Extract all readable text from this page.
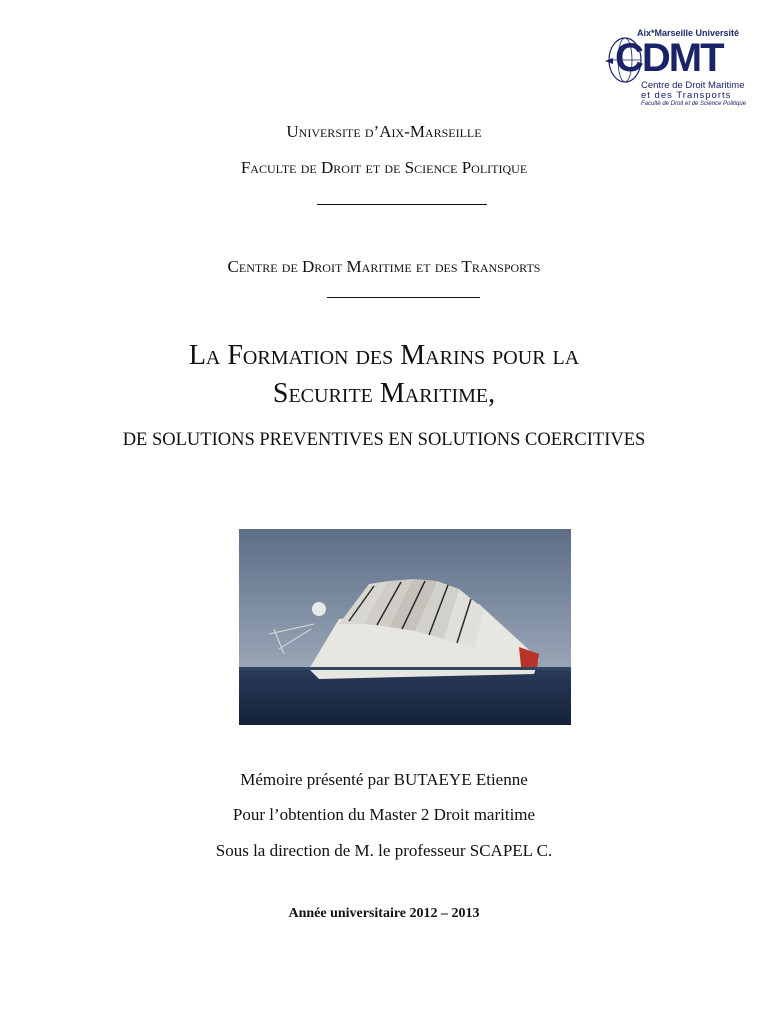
Aix*Marseille Université
CDMT
Centre de Droit Maritime
et des Transports
Faculté de Droit et de Science Politique
Universite d’Aix-Marseille
Faculte de Droit et de Science Politique
Centre de Droit Maritime et des Transports
La Formation des Marins pour la
Securite Maritime,
DE SOLUTIONS PREVENTIVES EN SOLUTIONS COERCITIVES
Mémoire présenté par BUTAEYE Etienne
Pour l’obtention du Master 2 Droit maritime
Sous la direction de M. le professeur SCAPEL C.
Année universitaire 2012 – 2013
